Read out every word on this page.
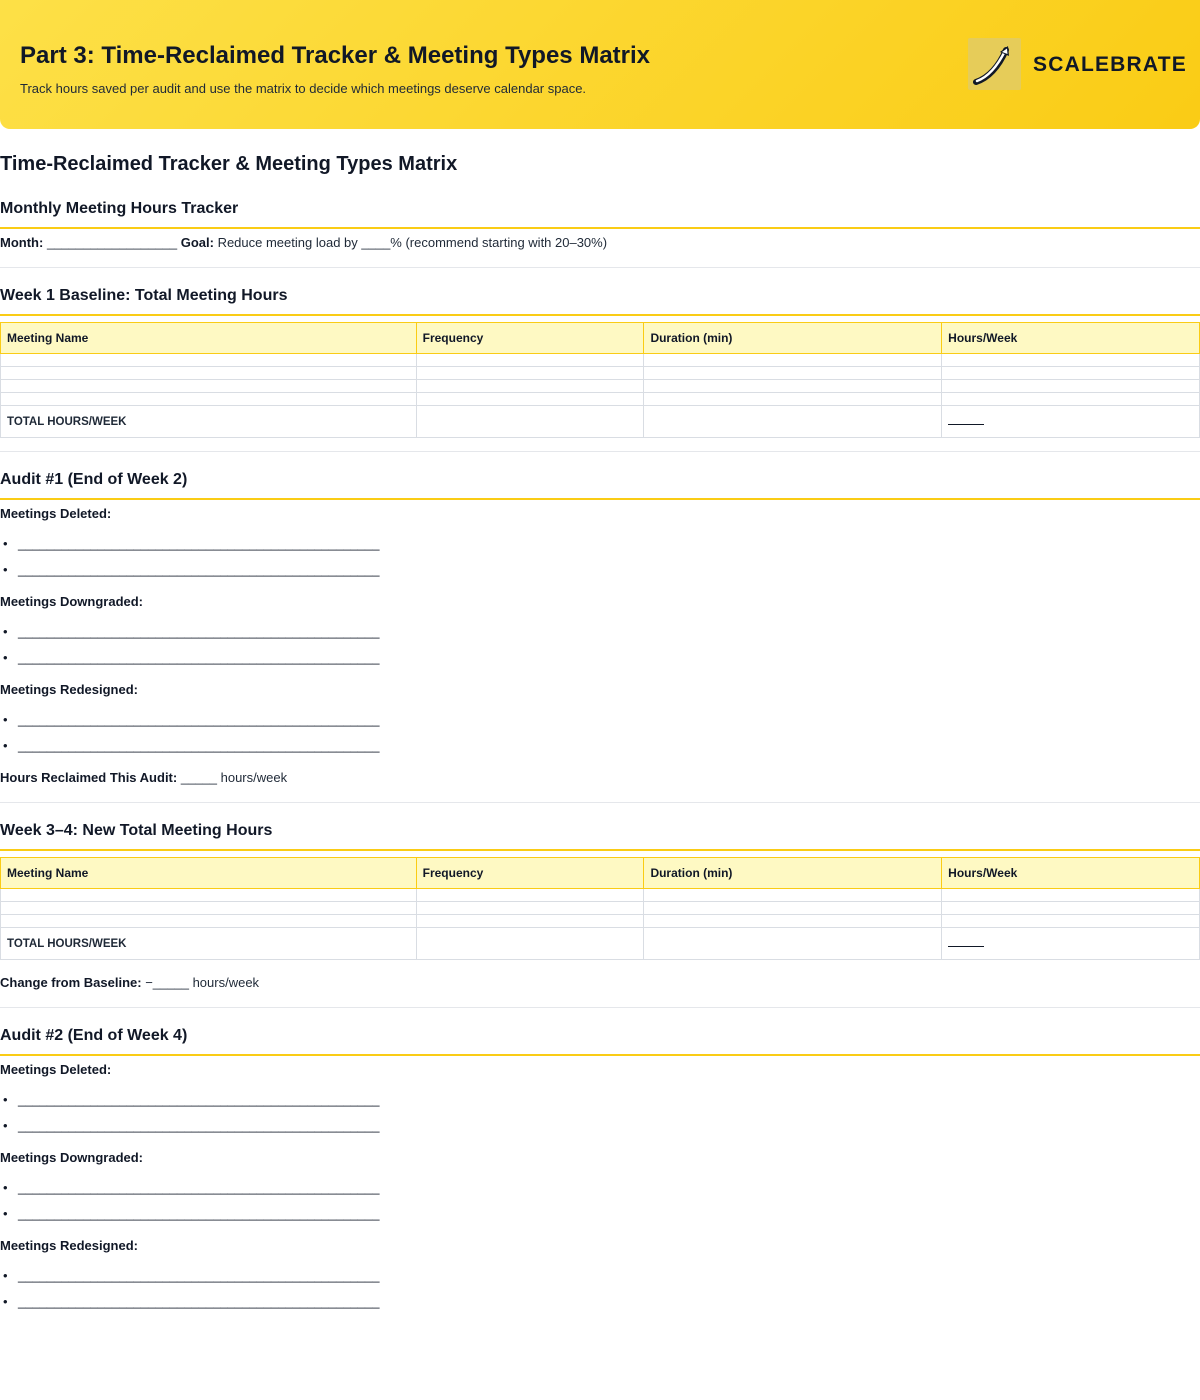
Part 3: Time-Reclaimed Tracker & Meeting Types Matrix
Track hours saved per audit and use the matrix to decide which meetings deserve calendar space.
SCALEBRATE
Time-Reclaimed Tracker & Meeting Types Matrix
Monthly Meeting Hours Tracker
Month: __________________ Goal: Reduce meeting load by ____% (recommend starting with 20–30%)
Week 1 Baseline: Total Meeting Hours
Meeting Name	Frequency	Duration (min)	Hours/Week

TOTAL HOURS/WEEK			
Audit #1 (End of Week 2)
Meetings Deleted:
• __________________________________________________
• __________________________________________________
Meetings Downgraded:
• __________________________________________________
• __________________________________________________
Meetings Redesigned:
• __________________________________________________
• __________________________________________________
Hours Reclaimed This Audit: _____ hours/week
Week 3–4: New Total Meeting Hours
Meeting Name	Frequency	Duration (min)	Hours/Week

TOTAL HOURS/WEEK			
Change from Baseline: −_____ hours/week
Audit #2 (End of Week 4)
Meetings Deleted:
• __________________________________________________
• __________________________________________________
Meetings Downgraded:
• __________________________________________________
• __________________________________________________
Meetings Redesigned:
• __________________________________________________
• __________________________________________________
